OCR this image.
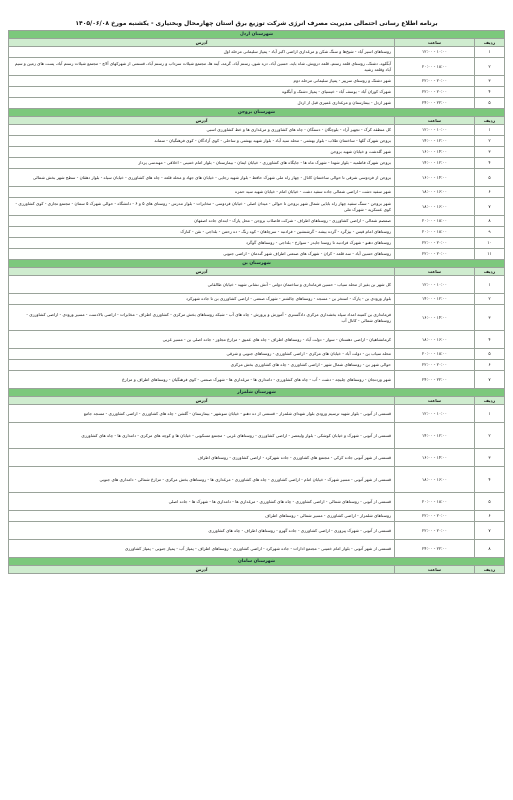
برنامه اطلاع رسانی احتمالی مدیریت مصرف انرژی شرکت توزیع برق استان چهارمحال وبختیاری - یکشنبه مورخ ۱۴۰۵/۰۶/۰۸
شهرستان اردل		
ردیف	ساعت	آدرس
۱	۱۰:۰۰ - ۱۲:۰۰	روستاهای اسیر آباد - شیخ‌ها و سنگ شکن و مرغداری اراضی اکبر آباد - پمپاژ سلیمانی مرحله اول
۲	۱۸:۰۰ - ۲۰:۰۰	آبگلوه، دشتک، روستای قلعه رستم، قلعه درویش، شاه باید، حسین آباد، دره شور، رستم آباد، گرمه، آینه ها، مجتمع شیلات سرداب و رستم آباد، قسمتی از شهرکهای آلاچ - مجتمع شیلات رستم آباد، پست های زمین و سیم آباد وقلعه رشید
۳	۲۰:۰۰ - ۲۲:۰۰	شهر دشتک و روستای سرپیر - پمپاژ سلیمانی مرحله دوم
۴	۲۰:۰۰ - ۲۲:۰۰	شهرک کوران آباد - یوسف آباد - خیسیای - پمپاژ دشتک و آبگلوه
۵	۲۲:۰۰ - ۲۴:۰۰	شهر اردل - بیمارستان و مرغداری عمیری قبل از اردل
شهرستان بروجن		
ردیف	ساعت	آدرس
۱	۱۰:۰۰ - ۱۲:۰۰	کل منطقه کرک - تجهیز آزاد - بلوچگان - دستگان - چاه های کشاورزی و مرغداری ها و خط کشاورزی اسبی
۲	۱۲:۰۰ - ۱۴:۰۰	بروجن شهرک گلها - ساختمان طلاب - بلوار بهشتی - محله سید آباد - بلوار شهید بهشتی و ساحلی - کوی آزادگان - کوی فرهنگیان - سمانه
۳	۱۴:۰۰ - ۱۶:۰۰	شهر گلدشت و خیابان شهید بروجن
۴	۱۲:۰۰ - ۱۴:۰۰	بروجن شهرک فاطمیه - بلوار شهدا - شهرک ماه ها - جایگاه های کشاورزی - خیابان ایمان - بیمارستان - بلوار امام خمینی - اخلاقی - مهندسی پرداز
۵	۱۴:۰۰ - ۱۶:۰۰	بروجن از فردوسی شرقی تا حوالی ساختمان کانال - چهار راه ملی شهرک حافظ - بلوار شهید رجایی - خیابان های جهاد و محله قلعه - چاه های کشاورزی - خیابان سیاه - بلوار دهقان - سطح شهر بخش شمالی
۶	۱۶:۰۰ - ۱۸:۰۰	شهر سفید دشت - اراضی شمالی جاده سفید دشت - خیابان امام - خیابان شهید سید حمزه
۷	۱۶:۰۰ - ۱۸:۰۰	شهر بروجن - سنگ سفید چهار راه بابایی شمال شهر بروجن تا حوالی - میدان اصلی - خیابان فردوسی - مخابرات - بلوار مدرس - روستای های ۵ و ۶ - دانشگاه - حوالی شهرک ۵ سمان - مجتمع تجاری - کوی کشاورزی - کوی عسکریه - شهرک ملی
۸	۱۸:۰۰ - ۲۰:۰۰	صمصم شمالی - اراضی کشاورزی - روستاهای اطراف - شرکت فاضلاب بروجن - محل پارک - ابتدای جاده اصفهان
۹	۱۸:۰۰ - ۲۰:۰۰	روستاهای امام قیس - بیژگرد - گرده بیشه - گرشنشین - فرادنبه - سرچاهان - کوه رنگ - ده رحمن - بلداجی - نقن - کنارک
۱۰	۲۰:۰۰ - ۲۲:۰۰	روستاهای دهنو - شهرک فرادنبه تا روستا جایدر - سوارخ - بلداجی - روستاهای گوگرد
۱۱	۲۰:۰۰ - ۲۲:۰۰	روستاهای حسین آباد - سه قلعه - کران - شهرک های صنعتی اطراف شهر گندمان - اراضی جنوبی
شهرستان بن		
ردیف	ساعت	آدرس
۱	۱۰:۰۰ - ۱۲:۰۰	کل شهر بن بغیر از محله سیاب - حسین فرمانداری و ساختمان دولتی - آتش نشانی شهید - خیابان طالقانی
۲	۱۲:۰۰ - ۱۴:۰۰	بلوار ورودی بن - پارک - استخر بن - مسجد - روستاهای چالشتر - شهرک صنعتی - اراضی کشاورزی بن تا جاده شهرکرد
۳	۱۴:۰۰ - ۱۶:۰۰	فرمانداری بن کمیته امداد سپاه بخشداری مرکزی دادگستری - آموزش و پرورش - چاه های آب - شبکه روستاهای بخش مرکزی - کشاورزی اطراف - مخابرات - اراضی بالادست - مسیر ورودی - اراضی کشاورزی - روستاهای شمالی - کانال آب
۴	۱۶:۰۰ - ۱۸:۰۰	کرمانشاهیان - اراضی دهستان - سوار - دولت آباد - روستاهای اطراف - چاه های عمیق - مزارع مجاور - جاده اصلی بن - مسیر غربی
۵	۱۸:۰۰ - ۲۰:۰۰	محله سیاب بن - دولت آباد - خیابان های مرکزی - اراضی کشاورزی - روستاهای جنوبی و شرقی
۶	۲۰:۰۰ - ۲۲:۰۰	حوالی شهر بن - روستاهای شمال شهر - اراضی کشاورزی - چاه های کشاورزی بخش مرکزی
۷	۲۲:۰۰ - ۲۴:۰۰	شهر وردنجان - روستاهای چلیچه - دشت - آب - چاه های کشاورزی - دامداری ها - مرغداری ها - شهرک صنعتی - کوی فرهنگیان - روستاهای اطراف و مزارع
شهرستان شلمزار		
ردیف	ساعت	آدرس
۱	۱۰:۰۰ - ۱۲:۰۰	قسمتی از آتونی - بلوار شهید ترسیم ورودی بلوار شهدای شلمزار - قسمتی از ده دهنو - خیابان سوشهر - بیمارستان - گلشن - چاه های کشاورزی - اراضی کشاورزی - مسجد جامع
۲	۱۲:۰۰ - ۱۴:۰۰	قسمتی از آتونی - شهرک و خیابان کوشکی - بلوار ولیعصر - اراضی کشاورزی - روستاهای غربی - مجتمع مسکونی - خیابان ها و کوچه های مرکزی - دامداری ها - چاه های کشاورزی
۳	۱۴:۰۰ - ۱۶:۰۰	قسمتی از شهر آتونی جاده کرکی - مجتمع های کشاورزی - جاده شهرکرد - اراضی کشاورزی - روستاهای اطراف
۴	۱۶:۰۰ - ۱۸:۰۰	قسمتی از شهر آتونی - مسیر شهرک - خیابان امام - اراضی کشاورزی - چاه های کشاورزی - مرغداری ها - روستاهای بخش مرکزی - مزارع شمالی - دامداری های جنوبی
۵	۱۸:۰۰ - ۲۰:۰۰	قسمتی از آتونی - روستاهای شمالی - اراضی کشاورزی - چاه های کشاورزی - مرغداری ها - دامداری ها - شهرک ها - جاده اصلی
۶	۲۰:۰۰ - ۲۲:۰۰	روستاهای شلمزار - اراضی کشاورزی - مسیر شمالی - روستاهای اطراف
۷	۲۰:۰۰ - ۲۲:۰۰	قسمتی از آتونی - شهرک پیروزی - اراضی کشاورزی - جاده گهرو - روستاهای اطراف - چاه های کشاورزی
۸	۲۲:۰۰ - ۲۴:۰۰	قسمتی از شهر آتونی - بلوار امام خمینی - مجتمع ادارات - جاده شهرکرد - اراضی کشاورزی - روستاهای اطراف - پمپاژ آب - پمپاژ جنوبی - پمپاژ کشاورزی
شهرستان سامان		
ردیف	ساعت	آدرس
